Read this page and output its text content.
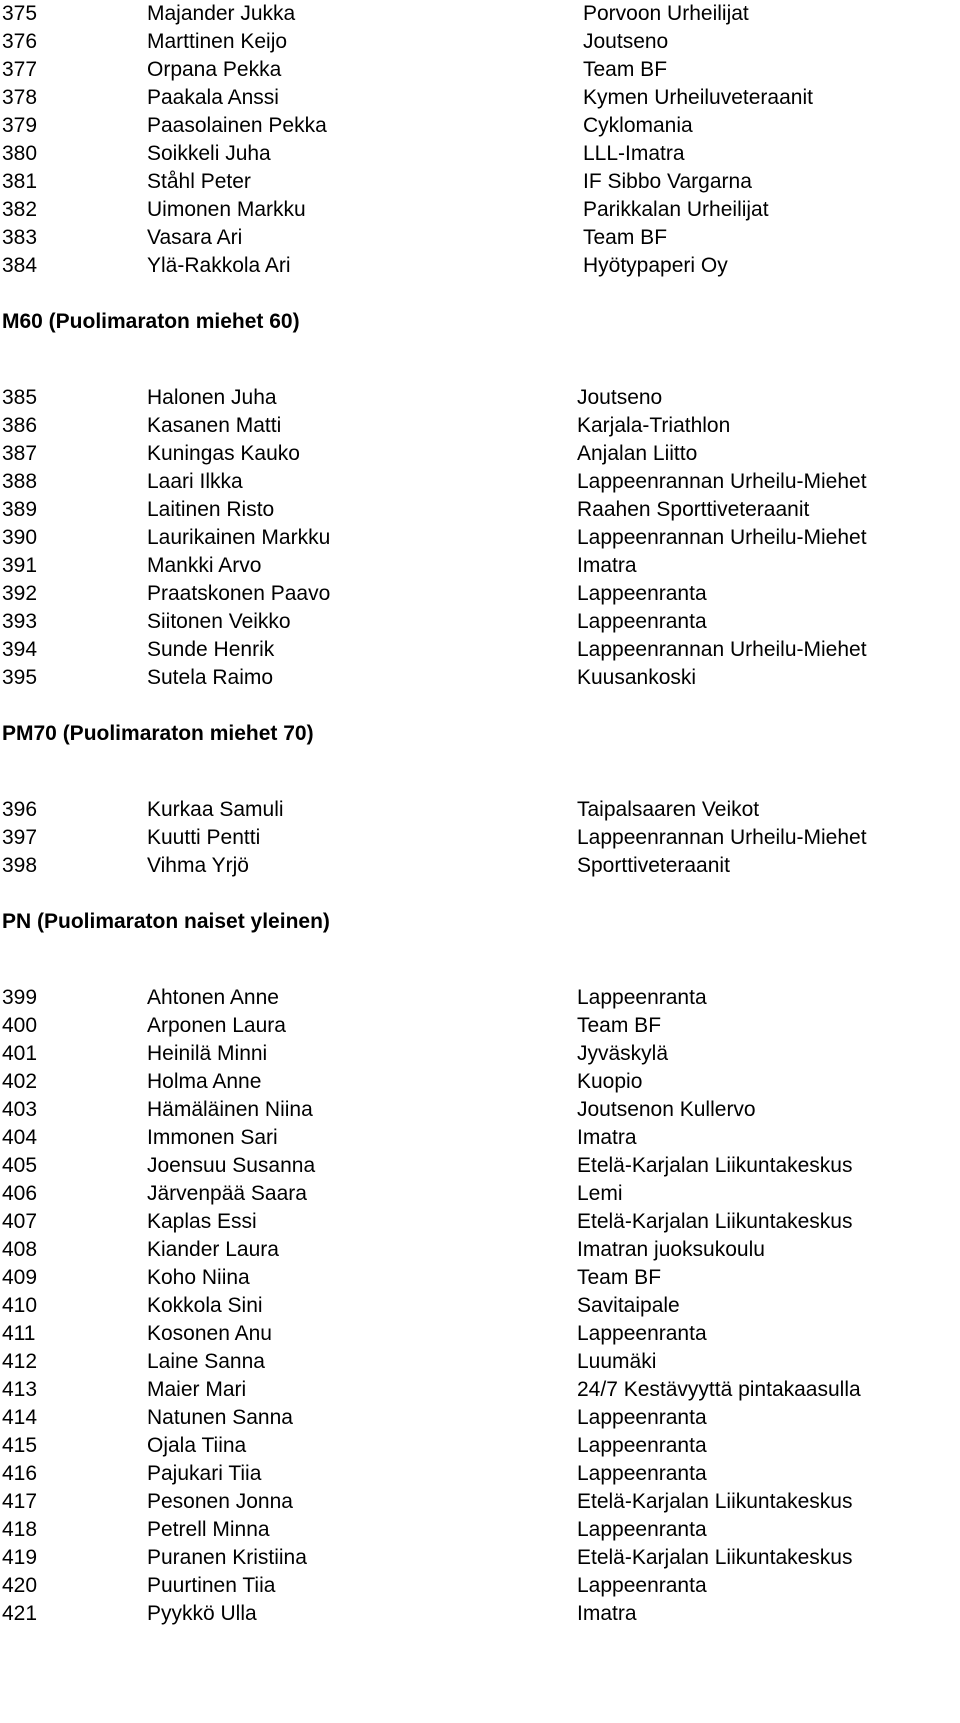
375	Majander Jukka	Porvoon Urheilijat
376	Marttinen Keijo	Joutseno
377	Orpana Pekka	Team BF
378	Paakala Anssi	Kymen Urheiluveteraanit
379	Paasolainen Pekka	Cyklomania
380	Soikkeli Juha	LLL-Imatra
381	Ståhl Peter	IF Sibbo Vargarna
382	Uimonen Markku	Parikkalan Urheilijat
383	Vasara Ari	Team BF
384	Ylä-Rakkola Ari	Hyötypaperi Oy
M60 (Puolimaraton miehet 60)
385	Halonen Juha	Joutseno
386	Kasanen Matti	Karjala-Triathlon
387	Kuningas Kauko	Anjalan Liitto
388	Laari Ilkka	Lappeenrannan Urheilu-Miehet
389	Laitinen Risto	Raahen Sporttiveteraanit
390	Laurikainen Markku	Lappeenrannan Urheilu-Miehet
391	Mankki Arvo	Imatra
392	Praatskonen Paavo	Lappeenranta
393	Siitonen Veikko	Lappeenranta
394	Sunde Henrik	Lappeenrannan Urheilu-Miehet
395	Sutela Raimo	Kuusankoski
PM70 (Puolimaraton miehet 70)
396	Kurkaa Samuli	Taipalsaaren Veikot
397	Kuutti Pentti	Lappeenrannan Urheilu-Miehet
398	Vihma Yrjö	Sporttiveteraanit
PN (Puolimaraton naiset yleinen)
399	Ahtonen Anne	Lappeenranta
400	Arponen Laura	Team BF
401	Heinilä Minni	Jyväskylä
402	Holma Anne	Kuopio
403	Hämäläinen Niina	Joutsenon Kullervo
404	Immonen Sari	Imatra
405	Joensuu Susanna	Etelä-Karjalan Liikuntakeskus
406	Järvenpää Saara	Lemi
407	Kaplas Essi	Etelä-Karjalan Liikuntakeskus
408	Kiander Laura	Imatran juoksukoulu
409	Koho Niina	Team BF
410	Kokkola Sini	Savitaipale
411	Kosonen Anu	Lappeenranta
412	Laine Sanna	Luumäki
413	Maier Mari	24/7 Kestävyyttä pintakaasulla
414	Natunen Sanna	Lappeenranta
415	Ojala Tiina	Lappeenranta
416	Pajukari Tiia	Lappeenranta
417	Pesonen Jonna	Etelä-Karjalan Liikuntakeskus
418	Petrell Minna	Lappeenranta
419	Puranen Kristiina	Etelä-Karjalan Liikuntakeskus
420	Puurtinen Tiia	Lappeenranta
421	Pyykkö Ulla	Imatra
